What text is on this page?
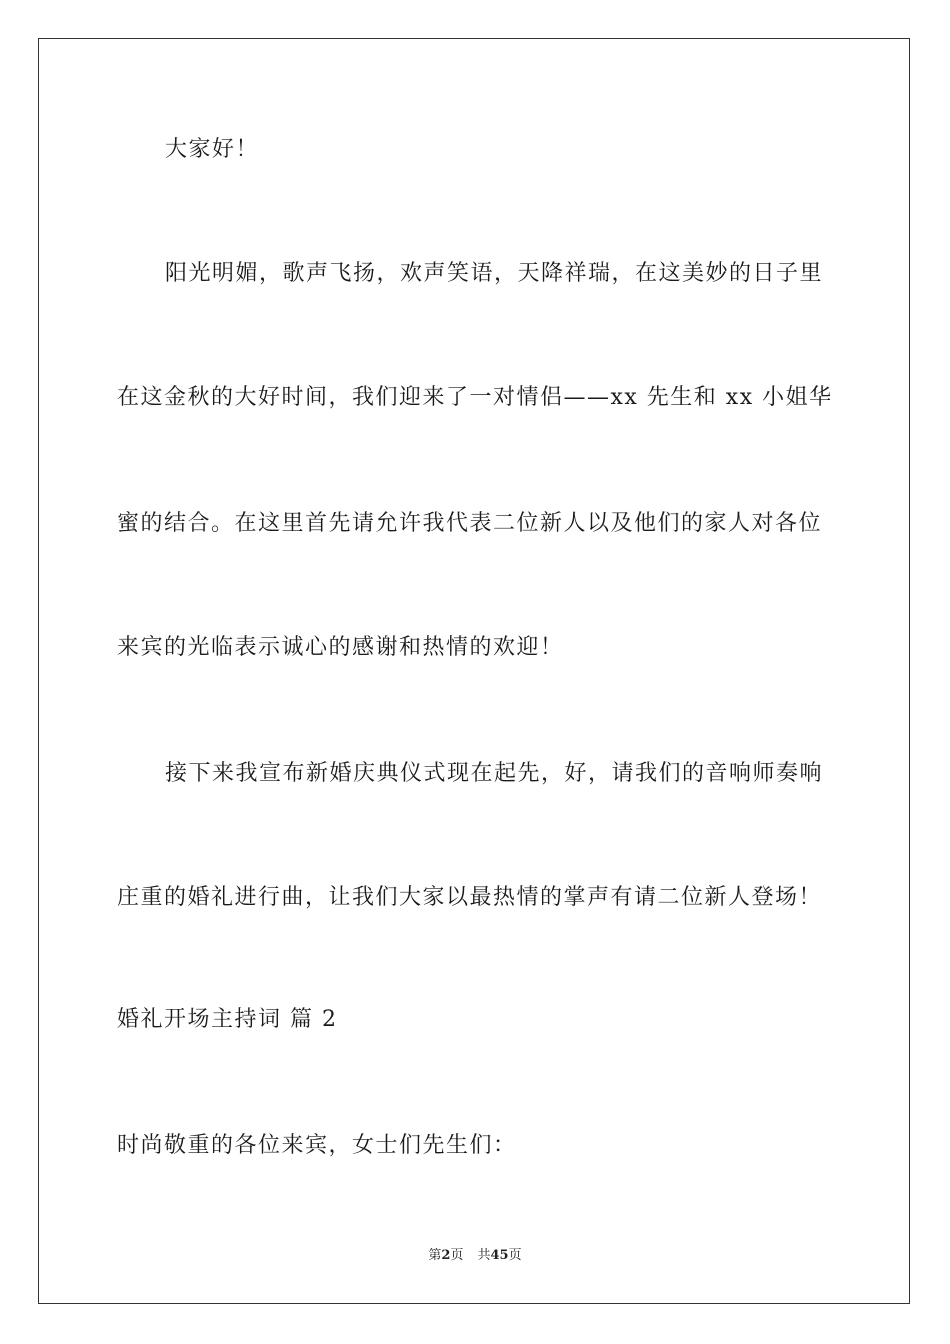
大家好！
阳光明媚，歌声飞扬，欢声笑语，天降祥瑞，在这美妙的日子里
在这金秋的大好时间，我们迎来了一对情侣——xx 先生和 xx 小姐华
蜜的结合。在这里首先请允许我代表二位新人以及他们的家人对各位
来宾的光临表示诚心的感谢和热情的欢迎！
接下来我宣布新婚庆典仪式现在起先，好，请我们的音响师奏响
庄重的婚礼进行曲，让我们大家以最热情的掌声有请二位新人登场！
婚礼开场主持词 篇 2
时尚敬重的各位来宾，女士们先生们：
第2页 共45页
